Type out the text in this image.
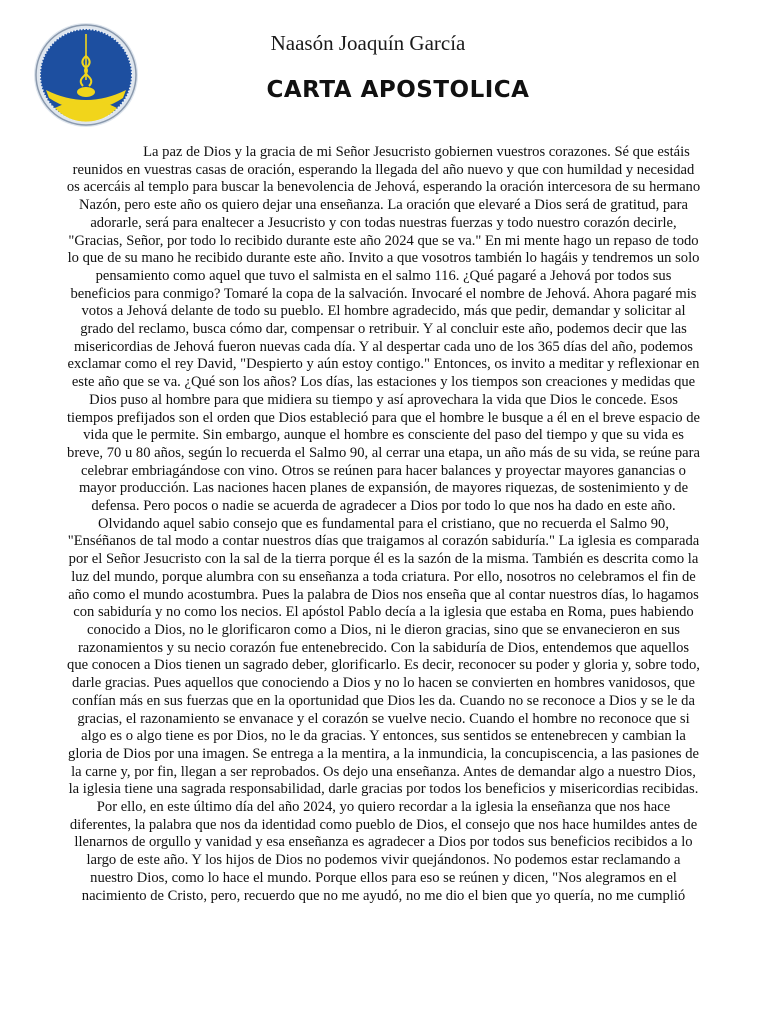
Naasón Joaquín García
CARTA APOSTOLICA

La paz de Dios y la gracia de mi Señor Jesucristo gobiernen vuestros corazones. Sé que estáis reunidos en vuestras casas de oración, esperando la llegada del año nuevo y que con humildad y necesidad os acercáis al templo para buscar la benevolencia de Jehová, esperando la oración intercesora de su hermano Nazón, pero este año os quiero dejar una enseñanza. La oración que elevaré a Dios será de gratitud, para adorarle, será para enaltecer a Jesucristo y con todas nuestras fuerzas y todo nuestro corazón decirle, "Gracias, Señor, por todo lo recibido durante este año 2024 que se va." En mi mente hago un repaso de todo lo que de su mano he recibido durante este año. Invito a que vosotros también lo hagáis y tendremos un solo pensamiento como aquel que tuvo el salmista en el salmo 116. ¿Qué pagaré a Jehová por todos sus beneficios para conmigo? Tomaré la copa de la salvación. Invocaré el nombre de Jehová. Ahora pagaré mis votos a Jehová delante de todo su pueblo. El hombre agradecido, más que pedir, demandar y solicitar al grado del reclamo, busca cómo dar, compensar o retribuir. Y al concluir este año, podemos decir que las misericordias de Jehová fueron nuevas cada día. Y al despertar cada uno de los 365 días del año, podemos exclamar como el rey David, "Despierto y aún estoy contigo." Entonces, os invito a meditar y reflexionar en este año que se va. ¿Qué son los años? Los días, las estaciones y los tiempos son creaciones y medidas que Dios puso al hombre para que midiera su tiempo y así aprovechara la vida que Dios le concede. Esos tiempos prefijados son el orden que Dios estableció para que el hombre le busque a él en el breve espacio de vida que le permite. Sin embargo, aunque el hombre es consciente del paso del tiempo y que su vida es breve, 70 u 80 años, según lo recuerda el Salmo 90, al cerrar una etapa, un año más de su vida, se reúne para celebrar embriagándose con vino. Otros se reúnen para hacer balances y proyectar mayores ganancias o mayor producción. Las naciones hacen planes de expansión, de mayores riquezas, de sostenimiento y de defensa. Pero pocos o nadie se acuerda de agradecer a Dios por todo lo que nos ha dado en este año. Olvidando aquel sabio consejo que es fundamental para el cristiano, que no recuerda el Salmo 90, "Enséñanos de tal modo a contar nuestros días que traigamos al corazón sabiduría." La iglesia es comparada por el Señor Jesucristo con la sal de la tierra porque él es la sazón de la misma. También es descrita como la luz del mundo, porque alumbra con su enseñanza a toda criatura. Por ello, nosotros no celebramos el fin de año como el mundo acostumbra. Pues la palabra de Dios nos enseña que al contar nuestros días, lo hagamos con sabiduría y no como los necios. El apóstol Pablo decía a la iglesia que estaba en Roma, pues habiendo conocido a Dios, no le glorificaron como a Dios, ni le dieron gracias, sino que se envanecieron en sus razonamientos y su necio corazón fue entenebrecido. Con la sabiduría de Dios, entendemos que aquellos que conocen a Dios tienen un sagrado deber, glorificarlo. Es decir, reconocer su poder y gloria y, sobre todo, darle gracias. Pues aquellos que conociendo a Dios y no lo hacen se convierten en hombres vanidosos, que confían más en sus fuerzas que en la oportunidad que Dios les da. Cuando no se reconoce a Dios y se le da gracias, el razonamiento se envanace y el corazón se vuelve necio. Cuando el hombre no reconoce que si algo es o algo tiene es por Dios, no le da gracias. Y entonces, sus sentidos se entenebrecen y cambian la gloria de Dios por una imagen. Se entrega a la mentira, a la inmundicia, la concupiscencia, a las pasiones de la carne y, por fin, llegan a ser reprobados. Os dejo una enseñanza. Antes de demandar algo a nuestro Dios, la iglesia tiene una sagrada responsabilidad, darle gracias por todos los beneficios y misericordias recibidas. Por ello, en este último día del año 2024, yo quiero recordar a la iglesia la enseñanza que nos hace diferentes, la palabra que nos da identidad como pueblo de Dios, el consejo que nos hace humildes antes de llenarnos de orgullo y vanidad y esa enseñanza es agradecer a Dios por todos sus beneficios recibidos a lo largo de este año. Y los hijos de Dios no podemos vivir quejándonos. No podemos estar reclamando a nuestro Dios, como lo hace el mundo. Porque ellos para eso se reúnen y dicen, "Nos alegramos en el nacimiento de Cristo, pero, recuerdo que no me ayudó, no me dio el bien que yo quería, no me cumplió
